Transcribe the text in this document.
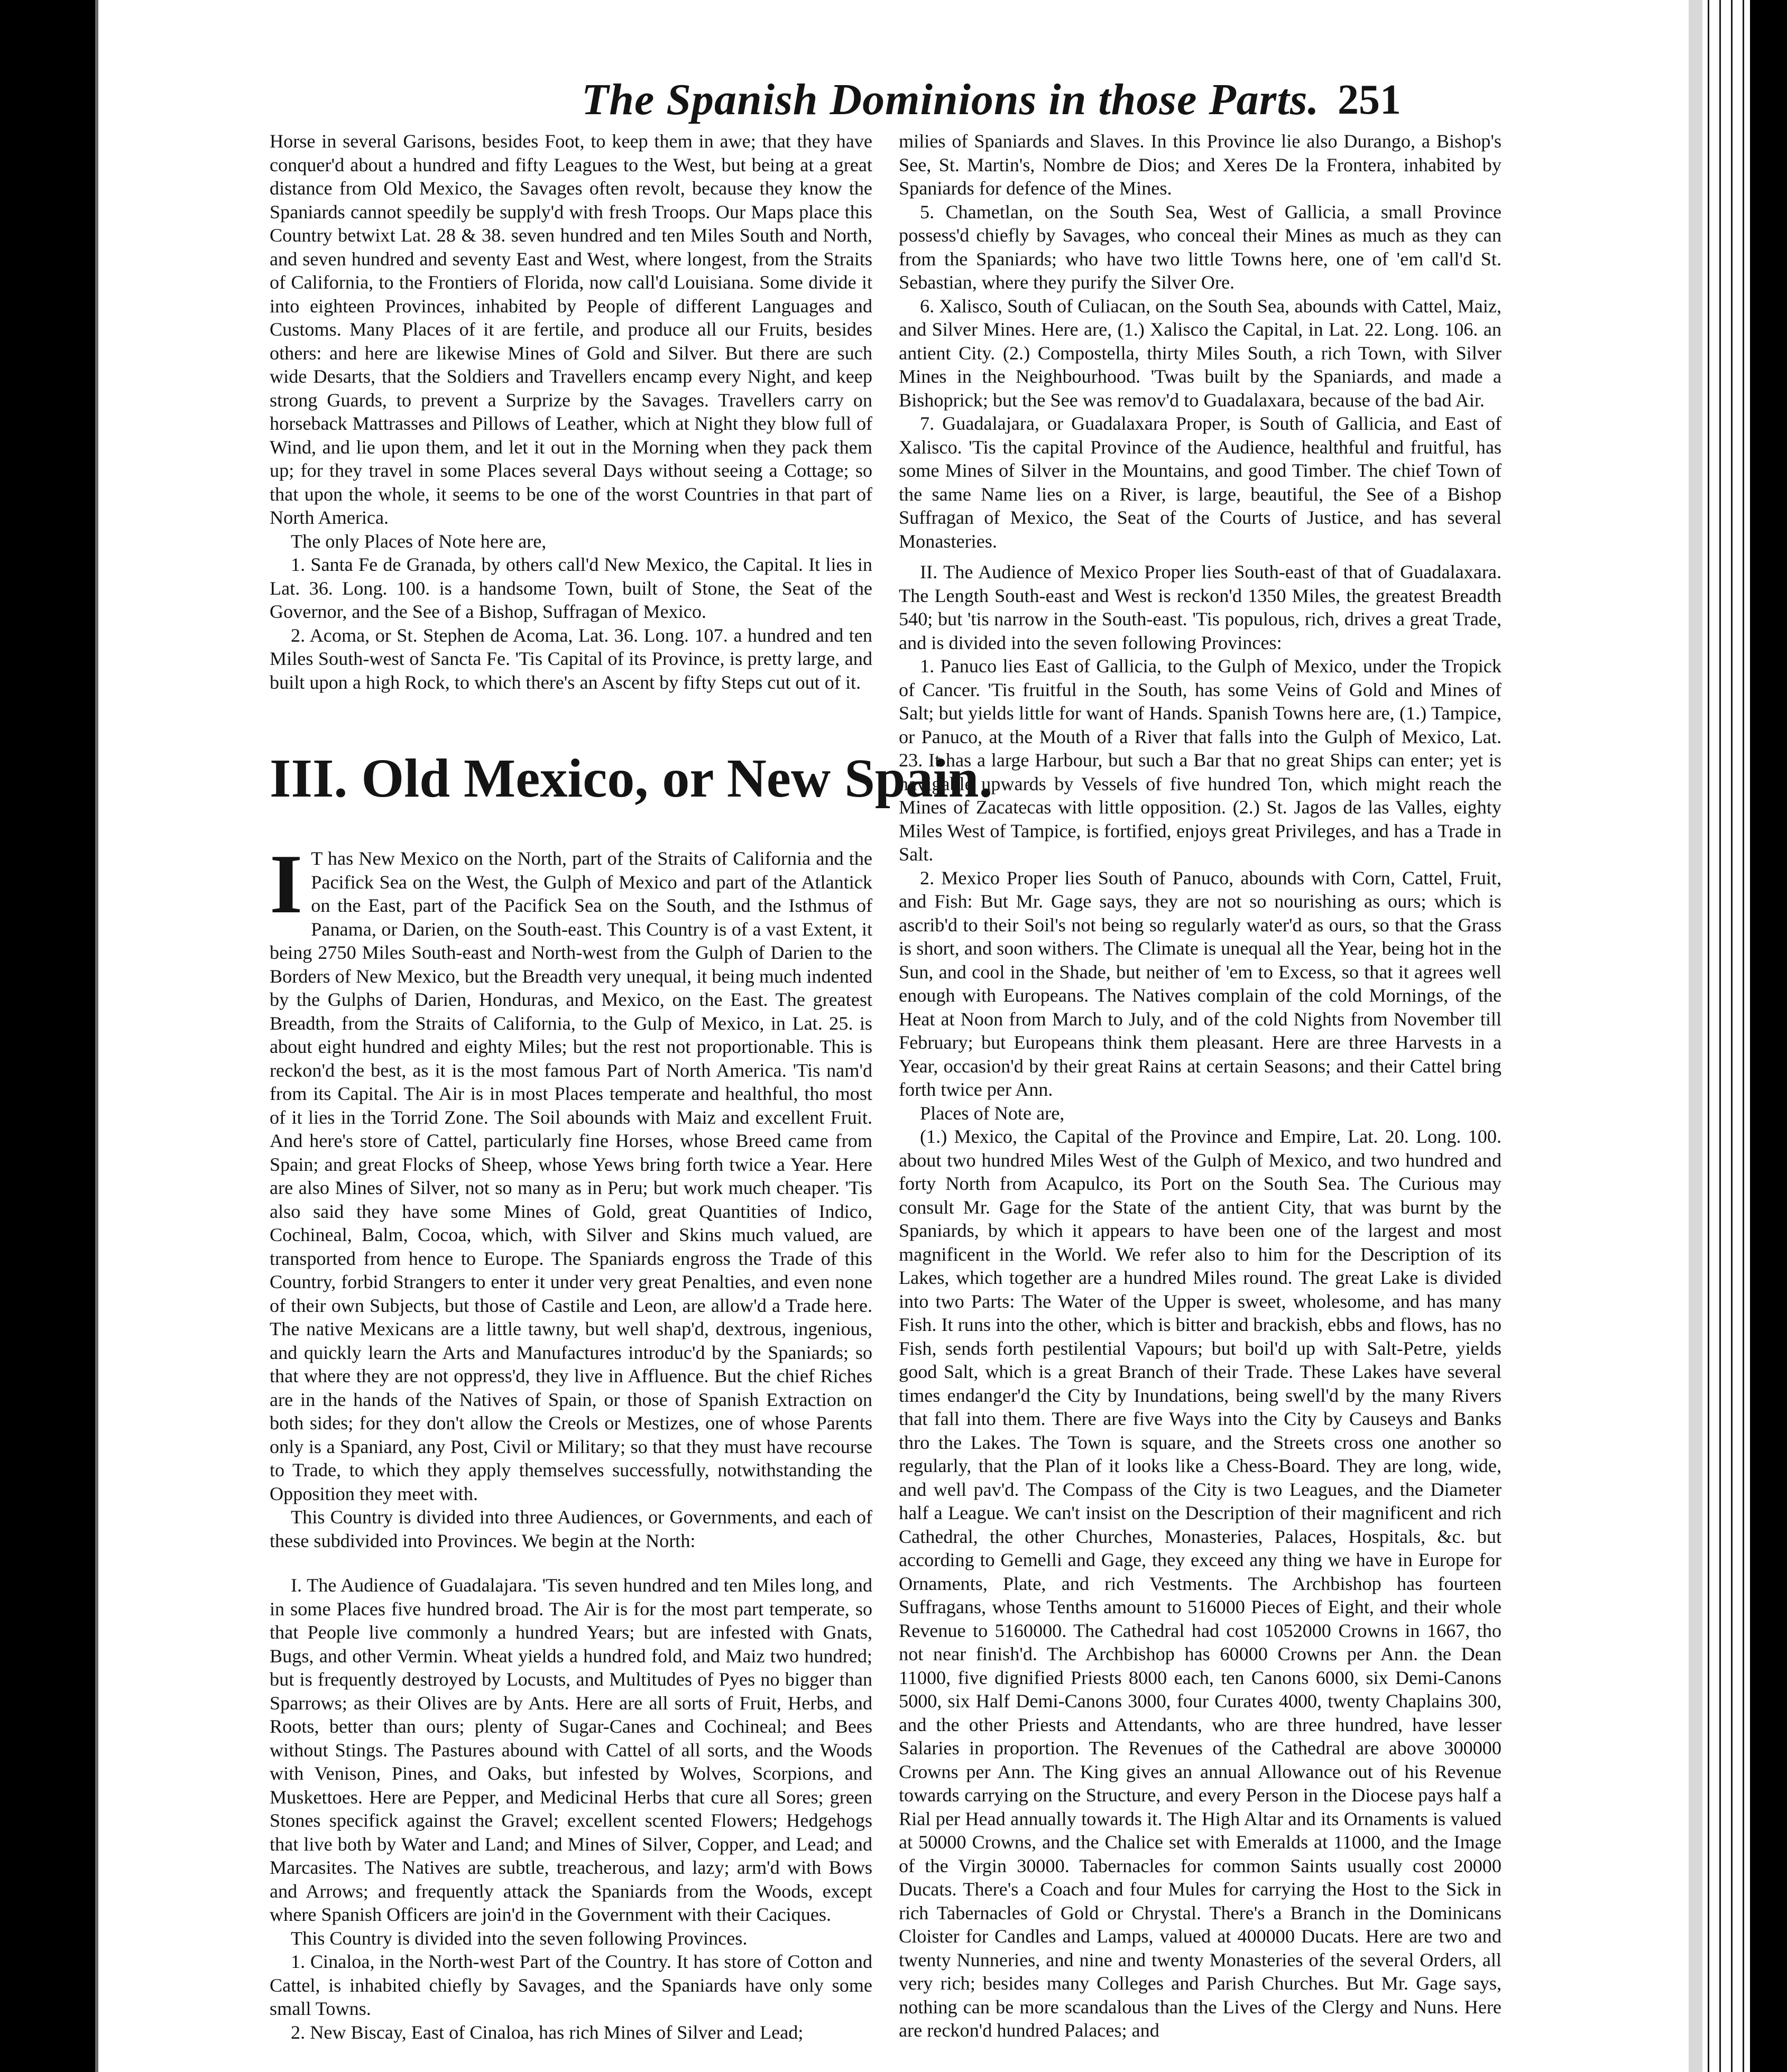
The Spanish Dominions in those Parts. 251

Horse in several Garisons, besides Foot, to keep them in awe; that they have conquer'd about a hundred and fifty Leagues to the West, but being at a great distance from Old Mexico, the Savages often revolt, because they know the Spaniards cannot speedily be supply'd with fresh Troops. Our Maps place this Country betwixt Lat. 28 & 38. seven hundred and ten Miles South and North, and seven hundred and seventy East and West, where longest, from the Straits of California, to the Frontiers of Florida, now call'd Louisiana. Some divide it into eighteen Provinces, inhabited by People of different Languages and Customs. Many Places of it are fertile, and produce all our Fruits, besides others: and here are likewise Mines of Gold and Silver. But there are such wide Desarts, that the Soldiers and Travellers encamp every Night, and keep strong Guards, to prevent a Surprize by the Savages. Travellers carry on horseback Mattrasses and Pillows of Leather, which at Night they blow full of Wind, and lie upon them, and let it out in the Morning when they pack them up; for they travel in some Places several Days without seeing a Cottage; so that upon the whole, it seems to be one of the worst Countries in that part of North America.

The only Places of Note here are,

1. Santa Fe de Granada, by others call'd New Mexico, the Capital. It lies in Lat. 36. Long. 100. is a handsome Town, built of Stone, the Seat of the Governor, and the See of a Bishop, Suffragan of Mexico.

2. Acoma, or St. Stephen de Acoma, Lat. 36. Long. 107. a hundred and ten Miles South-west of Sancta Fe. 'Tis Capital of its Province, is pretty large, and built upon a high Rock, to which there's an Ascent by fifty Steps cut out of it.

III. Old Mexico, or New Spain.

I T has New Mexico on the North, part of the Straits of California and the Pacifick Sea on the West, the Gulph of Mexico and part of the Atlantick on the East, part of the Pacifick Sea on the South, and the Isthmus of Panama, or Darien, on the South-east. This Country is of a vast Extent, it being 2750 Miles South-east and North-west from the Gulph of Darien to the Borders of New Mexico, but the Breadth very unequal, it being much indented by the Gulphs of Darien, Honduras, and Mexico, on the East. The greatest Breadth, from the Straits of California, to the Gulp of Mexico, in Lat. 25. is about eight hundred and eighty Miles; but the rest not proportionable. This is reckon'd the best, as it is the most famous Part of North America. 'Tis nam'd from its Capital. The Air is in most Places temperate and healthful, tho most of it lies in the Torrid Zone. The Soil abounds with Maiz and excellent Fruit. And here's store of Cattel, particularly fine Horses, whose Breed came from Spain; and great Flocks of Sheep, whose Yews bring forth twice a Year. Here are also Mines of Silver, not so many as in Peru; but work much cheaper. 'Tis also said they have some Mines of Gold, great Quantities of Indico, Cochineal, Balm, Cocoa, which, with Silver and Skins much valued, are transported from hence to Europe. The Spaniards engross the Trade of this Country, forbid Strangers to enter it under very great Penalties, and even none of their own Subjects, but those of Castile and Leon, are allow'd a Trade here. The native Mexicans are a little tawny, but well shap'd, dextrous, ingenious, and quickly learn the Arts and Manufactures introduc'd by the Spaniards; so that where they are not oppress'd, they live in Affluence. But the chief Riches are in the hands of the Natives of Spain, or those of Spanish Extraction on both sides; for they don't allow the Creols or Mestizes, one of whose Parents only is a Spaniard, any Post, Civil or Military; so that they must have recourse to Trade, to which they apply themselves successfully, notwithstanding the Opposition they meet with.

This Country is divided into three Audiences, or Governments, and each of these subdivided into Provinces. We begin at the North:

I. The Audience of Guadalajara. 'Tis seven hundred and ten Miles long, and in some Places five hundred broad. The Air is for the most part temperate, so that People live commonly a hundred Years; but are infested with Gnats, Bugs, and other Vermin. Wheat yields a hundred fold, and Maiz two hundred; but is frequently destroyed by Locusts, and Multitudes of Pyes no bigger than Sparrows; as their Olives are by Ants. Here are all sorts of Fruit, Herbs, and Roots, better than ours; plenty of Sugar-Canes and Cochineal; and Bees without Stings. The Pastures abound with Cattel of all sorts, and the Woods with Venison, Pines, and Oaks, but infested by Wolves, Scorpions, and Muskettoes. Here are Pepper, and Medicinal Herbs that cure all Sores; green Stones specifick against the Gravel; excellent scented Flowers; Hedgehogs that live both by Water and Land; and Mines of Silver, Copper, and Lead; and Marcasites. The Natives are subtle, treacherous, and lazy; arm'd with Bows and Arrows; and frequently attack the Spaniards from the Woods, except where Spanish Officers are join'd in the Government with their Caciques.

This Country is divided into the seven following Provinces.

1. Cinaloa, in the North-west Part of the Country. It has store of Cotton and Cattel, is inhabited chiefly by Savages, and the Spaniards have only some small Towns.

2. New Biscay, East of Cinaloa, has rich Mines of Silver and Lead;

milies of Spaniards and Slaves. In this Province lie also Durango, a Bishop's See, St. Martin's, Nombre de Dios; and Xeres De la Frontera, inhabited by Spaniards for defence of the Mines.

5. Chametlan, on the South Sea, West of Gallicia, a small Province possess'd chiefly by Savages, who conceal their Mines as much as they can from the Spaniards; who have two little Towns here, one of 'em call'd St. Sebastian, where they purify the Silver Ore.

6. Xalisco, South of Culiacan, on the South Sea, abounds with Cattel, Maiz, and Silver Mines. Here are, (1.) Xalisco the Capital, in Lat. 22. Long. 106. an antient City. (2.) Compostella, thirty Miles South, a rich Town, with Silver Mines in the Neighbourhood. 'Twas built by the Spaniards, and made a Bishoprick; but the See was remov'd to Guadalaxara, because of the bad Air.

7. Guadalajara, or Guadalaxara Proper, is South of Gallicia, and East of Xalisco. 'Tis the capital Province of the Audience, healthful and fruitful, has some Mines of Silver in the Mountains, and good Timber. The chief Town of the same Name lies on a River, is large, beautiful, the See of a Bishop Suffragan of Mexico, the Seat of the Courts of Justice, and has several Monasteries.

II. The Audience of Mexico Proper lies South-east of that of Guadalaxara. The Length South-east and West is reckon'd 1350 Miles, the greatest Breadth 540; but 'tis narrow in the South-east. 'Tis populous, rich, drives a great Trade, and is divided into the seven following Provinces:

1. Panuco lies East of Gallicia, to the Gulph of Mexico, under the Tropick of Cancer. 'Tis fruitful in the South, has some Veins of Gold and Mines of Salt; but yields little for want of Hands. Spanish Towns here are, (1.) Tampice, or Panuco, at the Mouth of a River that falls into the Gulph of Mexico, Lat. 23. It has a large Harbour, but such a Bar that no great Ships can enter; yet is navigable upwards by Vessels of five hundred Ton, which might reach the Mines of Zacatecas with little opposition. (2.) St. Jagos de las Valles, eighty Miles West of Tampice, is fortified, enjoys great Privileges, and has a Trade in Salt.

2. Mexico Proper lies South of Panuco, abounds with Corn, Cattel, Fruit, and Fish: But Mr. Gage says, they are not so nourishing as ours; which is ascrib'd to their Soil's not being so regularly water'd as ours, so that the Grass is short, and soon withers. The Climate is unequal all the Year, being hot in the Sun, and cool in the Shade, but neither of 'em to Excess, so that it agrees well enough with Europeans. The Natives complain of the cold Mornings, of the Heat at Noon from March to July, and of the cold Nights from November till February; but Europeans think them pleasant. Here are three Harvests in a Year, occasion'd by their great Rains at certain Seasons; and their Cattel bring forth twice per Ann.

Places of Note are,

(1.) Mexico, the Capital of the Province and Empire, Lat. 20. Long. 100. about two hundred Miles West of the Gulph of Mexico, and two hundred and forty North from Acapulco, its Port on the South Sea. The Curious may consult Mr. Gage for the State of the antient City, that was burnt by the Spaniards, by which it appears to have been one of the largest and most magnificent in the World. We refer also to him for the Description of its Lakes, which together are a hundred Miles round. The great Lake is divided into two Parts: The Water of the Upper is sweet, wholesome, and has many Fish. It runs into the other, which is bitter and brackish, ebbs and flows, has no Fish, sends forth pestilential Vapours; but boil'd up with Salt-Petre, yields good Salt, which is a great Branch of their Trade. These Lakes have several times endanger'd the City by Inundations, being swell'd by the many Rivers that fall into them. There are five Ways into the City by Causeys and Banks thro the Lakes. The Town is square, and the Streets cross one another so regularly, that the Plan of it looks like a Chess-Board. They are long, wide, and well pav'd. The Compass of the City is two Leagues, and the Diameter half a League. We can't insist on the Description of their magnificent and rich Cathedral, the other Churches, Monasteries, Palaces, Hospitals, &c. but according to Gemelli and Gage, they exceed any thing we have in Europe for Ornaments, Plate, and rich Vestments. The Archbishop has fourteen Suffragans, whose Tenths amount to 516000 Pieces of Eight, and their whole Revenue to 5160000. The Cathedral had cost 1052000 Crowns in 1667, tho not near finish'd. The Archbishop has 60000 Crowns per Ann. the Dean 11000, five dignified Priests 8000 each, ten Canons 6000, six Demi-Canons 5000, six Half Demi-Canons 3000, four Curates 4000, twenty Chaplains 300, and the other Priests and Attendants, who are three hundred, have lesser Salaries in proportion. The Revenues of the Cathedral are above 300000 Crowns per Ann. The King gives an annual Allowance out of his Revenue towards carrying on the Structure, and every Person in the Diocese pays half a Rial per Head annually towards it. The High Altar and its Ornaments is valued at 50000 Crowns, and the Chalice set with Emeralds at 11000, and the Image of the Virgin 30000. Tabernacles for common Saints usually cost 20000 Ducats. There's a Coach and four Mules for carrying the Host to the Sick in rich Tabernacles of Gold or Chrystal. There's a Branch in the Dominicans Cloister for Candles and Lamps, valued at 400000 Ducats. Here are two and twenty Nunneries, and nine and twenty Monasteries of the several Orders, all very rich; besides many Colleges and Parish Churches. But Mr. Gage says, nothing can be more scandalous than the Lives of the Clergy and Nuns. Here are reckon'd hundred Palaces; and
